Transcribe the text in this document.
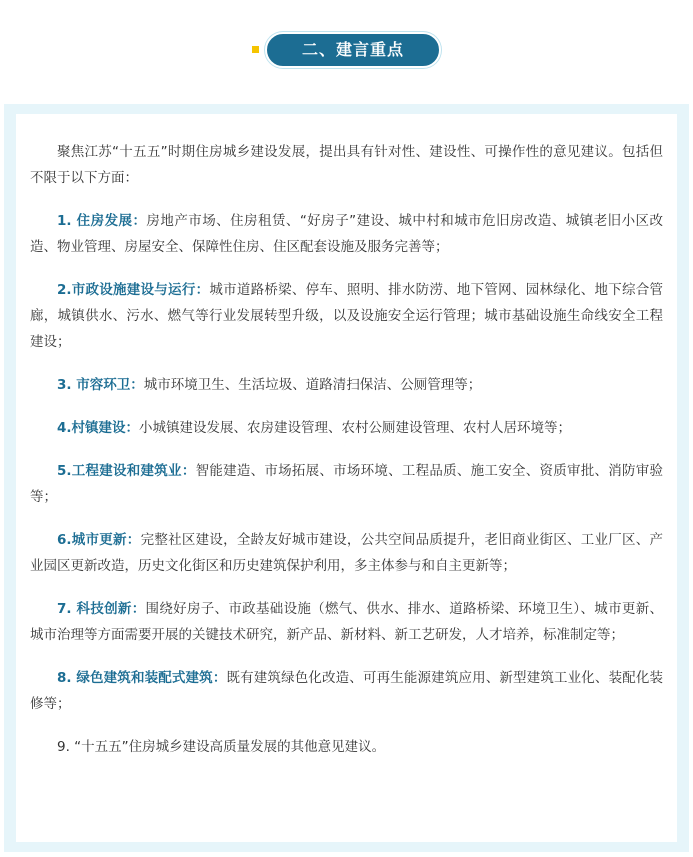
二、建言重点

聚焦江苏“十五五”时期住房城乡建设发展，提出具有针对性、建设性、可操作性的意见建议。包括但不限于以下方面：

1. 住房发展：房地产市场、住房租赁、“好房子”建设、城中村和城市危旧房改造、城镇老旧小区改造、物业管理、房屋安全、保障性住房、住区配套设施及服务完善等；

2.市政设施建设与运行：城市道路桥梁、停车、照明、排水防涝、地下管网、园林绿化、地下综合管廊，城镇供水、污水、燃气等行业发展转型升级，以及设施安全运行管理；城市基础设施生命线安全工程建设；

3. 市容环卫：城市环境卫生、生活垃圾、道路清扫保洁、公厕管理等；

4.村镇建设：小城镇建设发展、农房建设管理、农村公厕建设管理、农村人居环境等；

5.工程建设和建筑业：智能建造、市场拓展、市场环境、工程品质、施工安全、资质审批、消防审验等；

6.城市更新：完整社区建设，全龄友好城市建设，公共空间品质提升，老旧商业街区、工业厂区、产业园区更新改造，历史文化街区和历史建筑保护利用，多主体参与和自主更新等；

7. 科技创新：围绕好房子、市政基础设施（燃气、供水、排水、道路桥梁、环境卫生）、城市更新、城市治理等方面需要开展的关键技术研究，新产品、新材料、新工艺研发，人才培养，标准制定等；

8. 绿色建筑和装配式建筑：既有建筑绿色化改造、可再生能源建筑应用、新型建筑工业化、装配化装修等；

9. “十五五”住房城乡建设高质量发展的其他意见建议。
